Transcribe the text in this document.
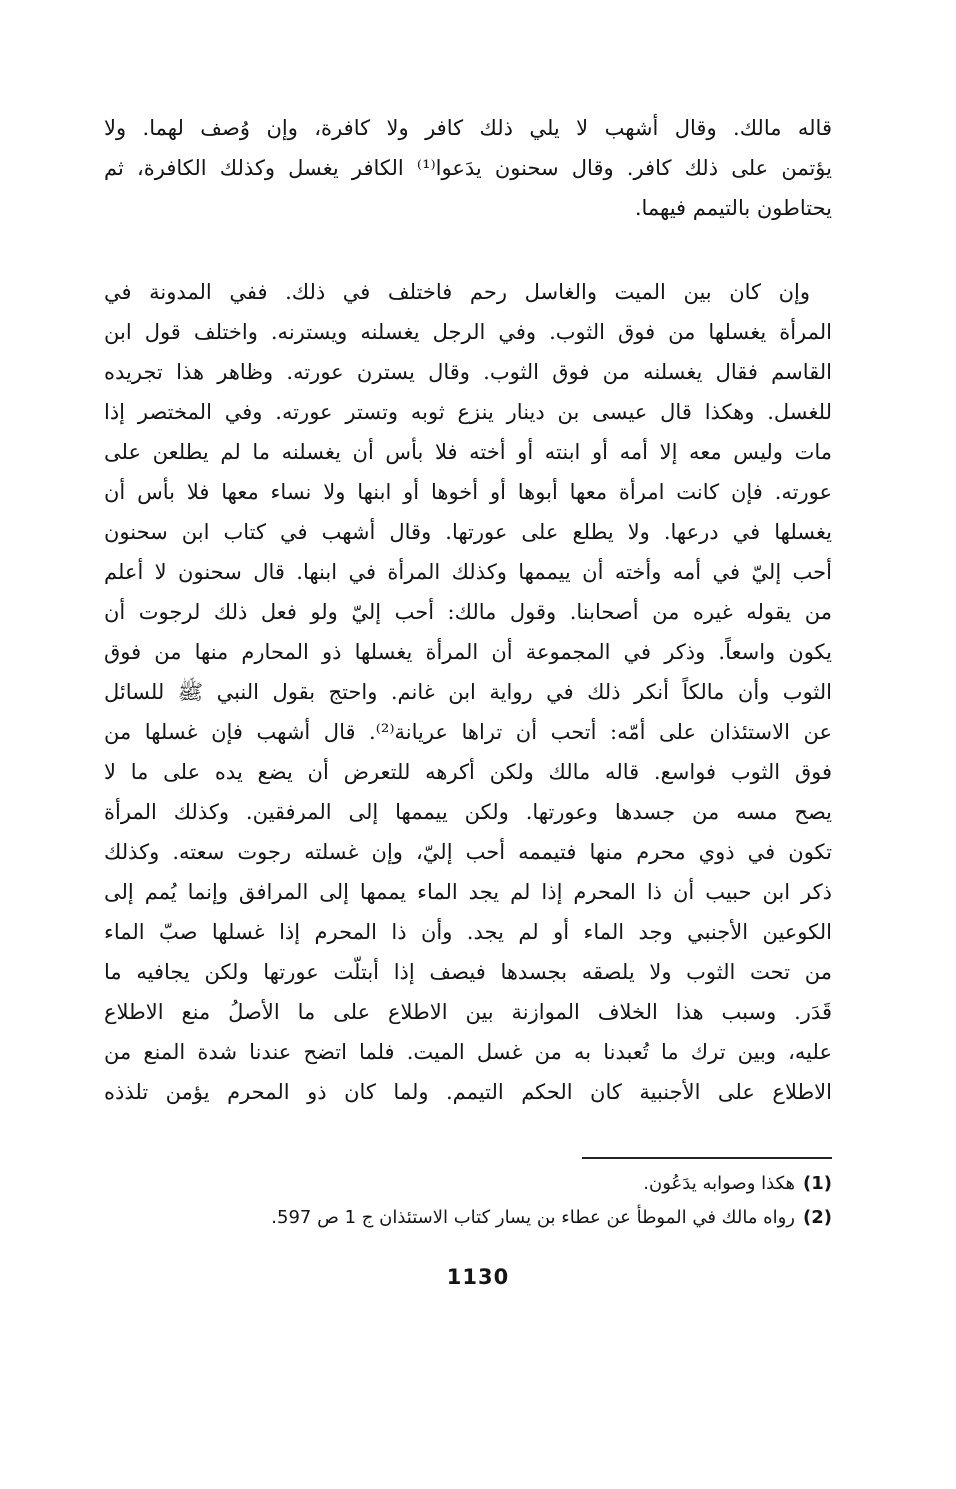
قاله مالك. وقال أشهب لا يلي ذلك كافر ولا كافرة، وإن وُصف لهما. ولا
يؤتمن على ذلك كافر. وقال سحنون يدَعوا⁽¹⁾ الكافر يغسل وكذلك الكافرة، ثم
يحتاطون بالتيمم فيهما.
وإن كان بين الميت والغاسل رحم فاختلف في ذلك. ففي المدونة في
المرأة يغسلها من فوق الثوب. وفي الرجل يغسلنه ويسترنه. واختلف قول ابن
القاسم فقال يغسلنه من فوق الثوب. وقال يسترن عورته. وظاهر هذا تجريده
للغسل. وهكذا قال عيسى بن دينار ينزع ثوبه وتستر عورته. وفي المختصر إذا
مات وليس معه إلا أمه أو ابنته أو أخته فلا بأس أن يغسلنه ما لم يطلعن على
عورته. فإن كانت امرأة معها أبوها أو أخوها أو ابنها ولا نساء معها فلا بأس أن
يغسلها في درعها. ولا يطلع على عورتها. وقال أشهب في كتاب ابن سحنون
أحب إليّ في أمه وأخته أن ييممها وكذلك المرأة في ابنها. قال سحنون لا أعلم
من يقوله غيره من أصحابنا. وقول مالك: أحب إليّ ولو فعل ذلك لرجوت أن
يكون واسعاً. وذكر في المجموعة أن المرأة يغسلها ذو المحارم منها من فوق
الثوب وأن مالكاً أنكر ذلك في رواية ابن غانم. واحتج بقول النبي ﷺ للسائل
عن الاستئذان على أمّه: أتحب أن تراها عريانة⁽²⁾. قال أشهب فإن غسلها من
فوق الثوب فواسع. قاله مالك ولكن أكرهه للتعرض أن يضع يده على ما لا
يصح مسه من جسدها وعورتها. ولكن ييممها إلى المرفقين. وكذلك المرأة
تكون في ذوي محرم منها فتيممه أحب إليّ، وإن غسلته رجوت سعته. وكذلك
ذكر ابن حبيب أن ذا المحرم إذا لم يجد الماء يممها إلى المرافق وإنما يُمم إلى
الكوعين الأجنبي وجد الماء أو لم يجد. وأن ذا المحرم إذا غسلها صبّ الماء
من تحت الثوب ولا يلصقه بجسدها فيصف إذا أبتلّت عورتها ولكن يجافيه ما
قَدَر. وسبب هذا الخلاف الموازنة بين الاطلاع على ما الأصلُ منع الاطلاع
عليه، وبين ترك ما تُعبدنا به من غسل الميت. فلما اتضح عندنا شدة المنع من
الاطلاع على الأجنبية كان الحكم التيمم. ولما كان ذو المحرم يؤمن تلذذه
(1)هكذا وصوابه يدَعُون.
(2)رواه مالك في الموطأ عن عطاء بن يسار كتاب الاستئذان ج 1 ص 597.
1130
